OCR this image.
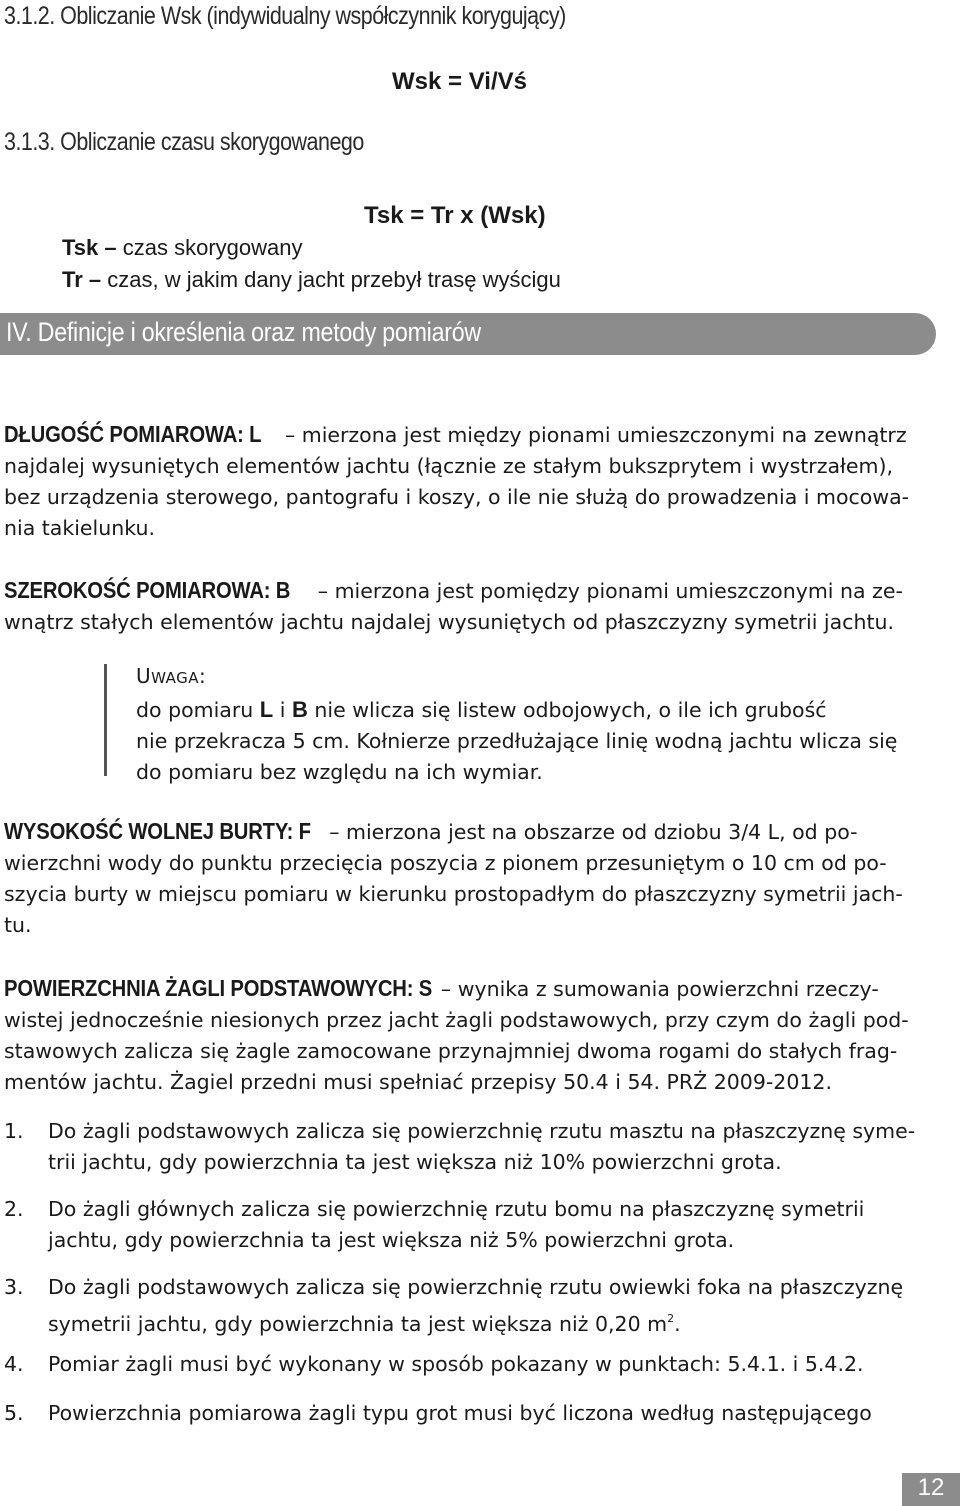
3.1.2. Obliczanie Wsk (indywidualny współczynnik korygujący)
Wsk = Vi/Vś
3.1.3. Obliczanie czasu skorygowanego
Tsk = Tr x (Wsk)
Tsk – czas skorygowany
Tr – czas, w jakim dany jacht przebył trasę wyścigu
IV. Definicje i określenia oraz metody pomiarów
DŁUGOŚĆ POMIAROWA: L – mierzona jest między pionami umieszczonymi na zewnątrz
najdalej wysuniętych elementów jachtu (łącznie ze stałym bukszprytem i wystrzałem),
bez urządzenia sterowego, pantografu i koszy, o ile nie służą do prowadzenia i mocowa-
nia takielunku.
SZEROKOŚĆ POMIAROWA: B – mierzona jest pomiędzy pionami umieszczonymi na ze-
wnątrz stałych elementów jachtu najdalej wysuniętych od płaszczyzny symetrii jachtu.
UWAGA:
do pomiaru L i B nie wlicza się listew odbojowych, o ile ich grubość
nie przekracza 5 cm. Kołnierze przedłużające linię wodną jachtu wlicza się
do pomiaru bez względu na ich wymiar.
WYSOKOŚĆ WOLNEJ BURTY: F – mierzona jest na obszarze od dziobu 3/4 L, od po-
wierzchni wody do punktu przecięcia poszycia z pionem przesuniętym o 10 cm od po-
szycia burty w miejscu pomiaru w kierunku prostopadłym do płaszczyzny symetrii jach-
tu.
POWIERZCHNIA ŻAGLI PODSTAWOWYCH: S – wynika z sumowania powierzchni rzeczy-
wistej jednocześnie niesionych przez jacht żagli podstawowych, przy czym do żagli pod-
stawowych zalicza się żagle zamocowane przynajmniej dwoma rogami do stałych frag-
mentów jachtu. Żagiel przedni musi spełniać przepisy 50.4 i 54. PRŻ 2009-2012.
1. Do żagli podstawowych zalicza się powierzchnię rzutu masztu na płaszczyznę syme-
trii jachtu, gdy powierzchnia ta jest większa niż 10% powierzchni grota.
2. Do żagli głównych zalicza się powierzchnię rzutu bomu na płaszczyznę symetrii
jachtu, gdy powierzchnia ta jest większa niż 5% powierzchni grota.
3. Do żagli podstawowych zalicza się powierzchnię rzutu owiewki foka na płaszczyznę
symetrii jachtu, gdy powierzchnia ta jest większa niż 0,20 $m^2$.
4. Pomiar żagli musi być wykonany w sposób pokazany w punktach: 5.4.1. i 5.4.2.
5. Powierzchnia pomiarowa żagli typu grot musi być liczona według następującego
12
